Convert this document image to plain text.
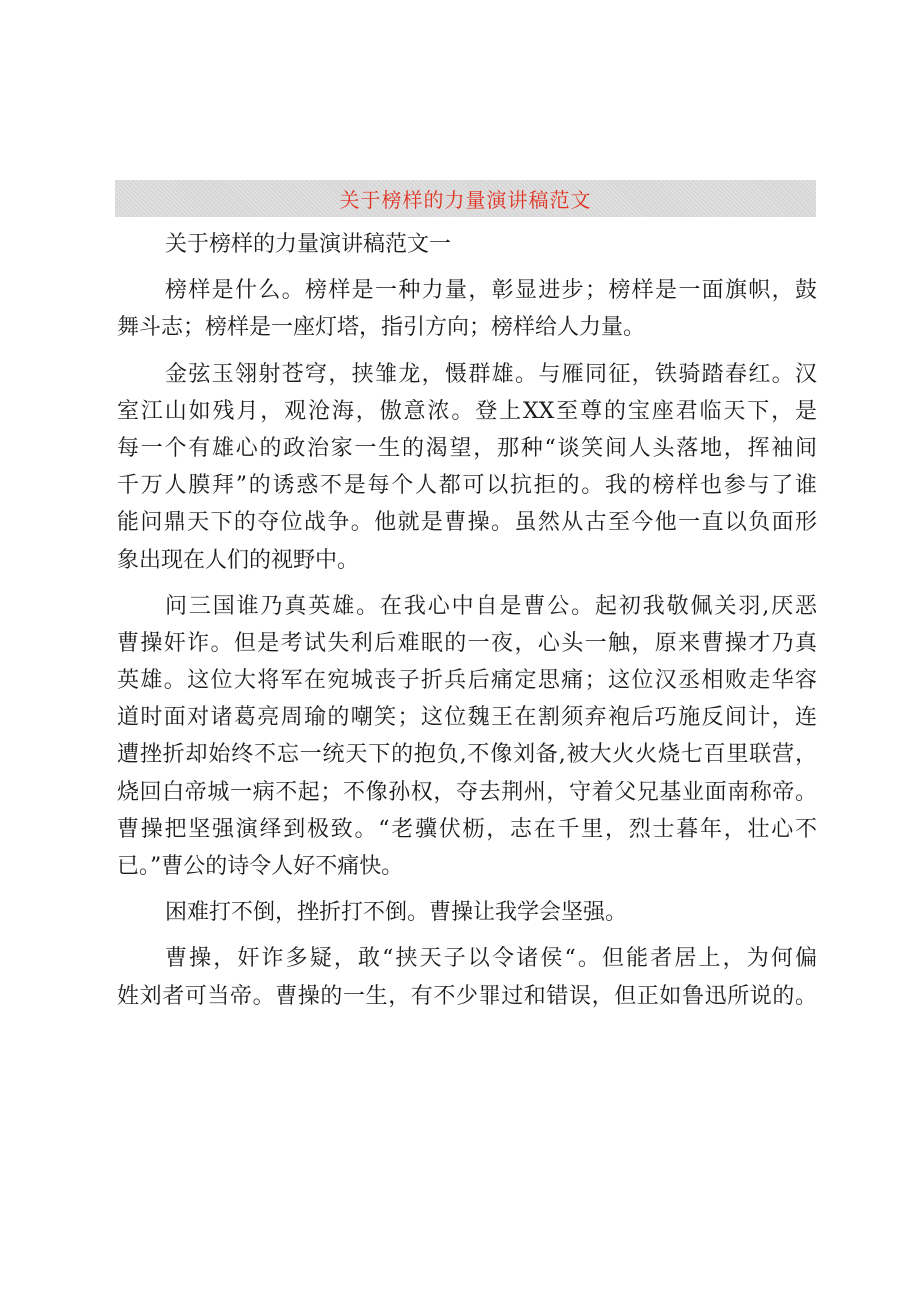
关于榜样的力量演讲稿范文
关于榜样的力量演讲稿范文一
榜样是什么。榜样是一种力量，彰显进步；榜样是一面旗帜，鼓
舞斗志；榜样是一座灯塔，指引方向；榜样给人力量。
金弦玉翎射苍穹，挟雏龙，慑群雄。与雁同征，铁骑踏春红。汉
室江山如残月，观沧海，傲意浓。登上XX至尊的宝座君临天下，是
每一个有雄心的政治家一生的渴望，那种“谈笑间人头落地，挥袖间
千万人膜拜”的诱惑不是每个人都可以抗拒的。我的榜样也参与了谁
能问鼎天下的夺位战争。他就是曹操。虽然从古至今他一直以负面形
象出现在人们的视野中。
问三国谁乃真英雄。在我心中自是曹公。起初我敬佩关羽,厌恶
曹操奸诈。但是考试失利后难眠的一夜，心头一触，原来曹操才乃真
英雄。这位大将军在宛城丧子折兵后痛定思痛；这位汉丞相败走华容
道时面对诸葛亮周瑜的嘲笑；这位魏王在割须弃袍后巧施反间计，连
遭挫折却始终不忘一统天下的抱负,不像刘备,被大火火烧七百里联营，
烧回白帝城一病不起；不像孙权，夺去荆州，守着父兄基业面南称帝。
曹操把坚强演绎到极致。“老骥伏枥，志在千里，烈士暮年，壮心不
已。”曹公的诗令人好不痛快。
困难打不倒，挫折打不倒。曹操让我学会坚强。
曹操，奸诈多疑，敢“挟天子以令诸侯“。但能者居上，为何偏
姓刘者可当帝。曹操的一生，有不少罪过和错误，但正如鲁迅所说的。
